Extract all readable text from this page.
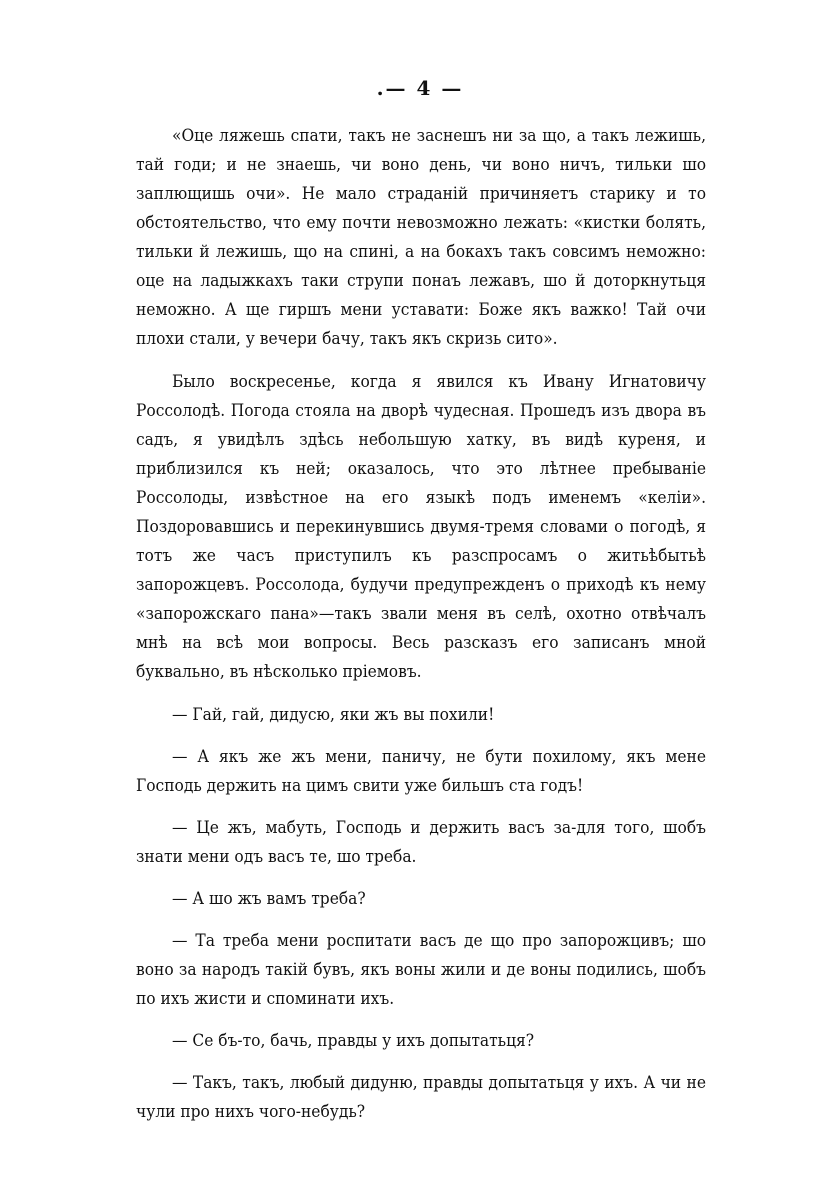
.— 4 —

«Оце ляжешь спати, такъ не заснешъ ни за що, а такъ лежишь, тай годи; и не знаешь, чи воно день, чи воно ничъ, тильки шо заплющишь очи». Не мало страданiй причиняетъ старику и то обстоятельство, что ему почти невозможно лежать: «кистки болять, тильки й лежишь, що на спинi, а на бокахъ такъ совсимъ неможно: оце на ладыжкахъ таки струпи понаъ лежавъ, шо й доторкнутьця неможно. А ще гиршъ мени уставати: Боже якъ важко! Тай очи плохи стали, у вечери бачу, такъ якъ скризь сито».

Было воскресенье, когда я явился къ Ивану Игнатовичу Россолодѣ. Погода стояла на дворѣ чудесная. Прошедъ изъ двора въ садъ, я увидѣлъ здѣсь небольшую хатку, въ видѣ куреня, и приблизился къ ней; оказалось, что это лѣтнее пребыванiе Россолоды, извѣстное на его языкѣ подъ именемъ «келiи». Поздоровавшись и перекинувшись двумя-тремя словами о погодѣ, я тотъ же часъ приступилъ къ разспросамъ о житьѣбытьѣ запорожцевъ. Россолода, будучи предупрежденъ о приходѣ къ нему «запорожскаго пана»—такъ звали меня въ селѣ, охотно отвѣчалъ мнѣ на всѣ мои вопросы. Весь разсказъ его записанъ мной буквально, въ нѣсколько прiемовъ.

— Гай, гай, дидусю, яки жъ вы похили!

— А якъ же жъ мени, паничу, не бути похилому, якъ мене Господь держить на цимъ свити уже бильшъ ста годъ!

— Це жъ, мабуть, Господь и держить васъ за-для того, шобъ знати мени одъ васъ те, шо треба.

— А шо жъ вамъ треба?

— Та треба мени роспитати васъ де що про запорожцивъ; шо воно за народъ такiй бувъ, якъ воны жили и де воны подились, шобъ по ихъ жисти и споминати ихъ.

— Се бъ-то, бачь, правды у ихъ допытатьця?

— Такъ, такъ, любый дидуню, правды допытатьця у ихъ. А чи не чули про нихъ чого-небудь?
